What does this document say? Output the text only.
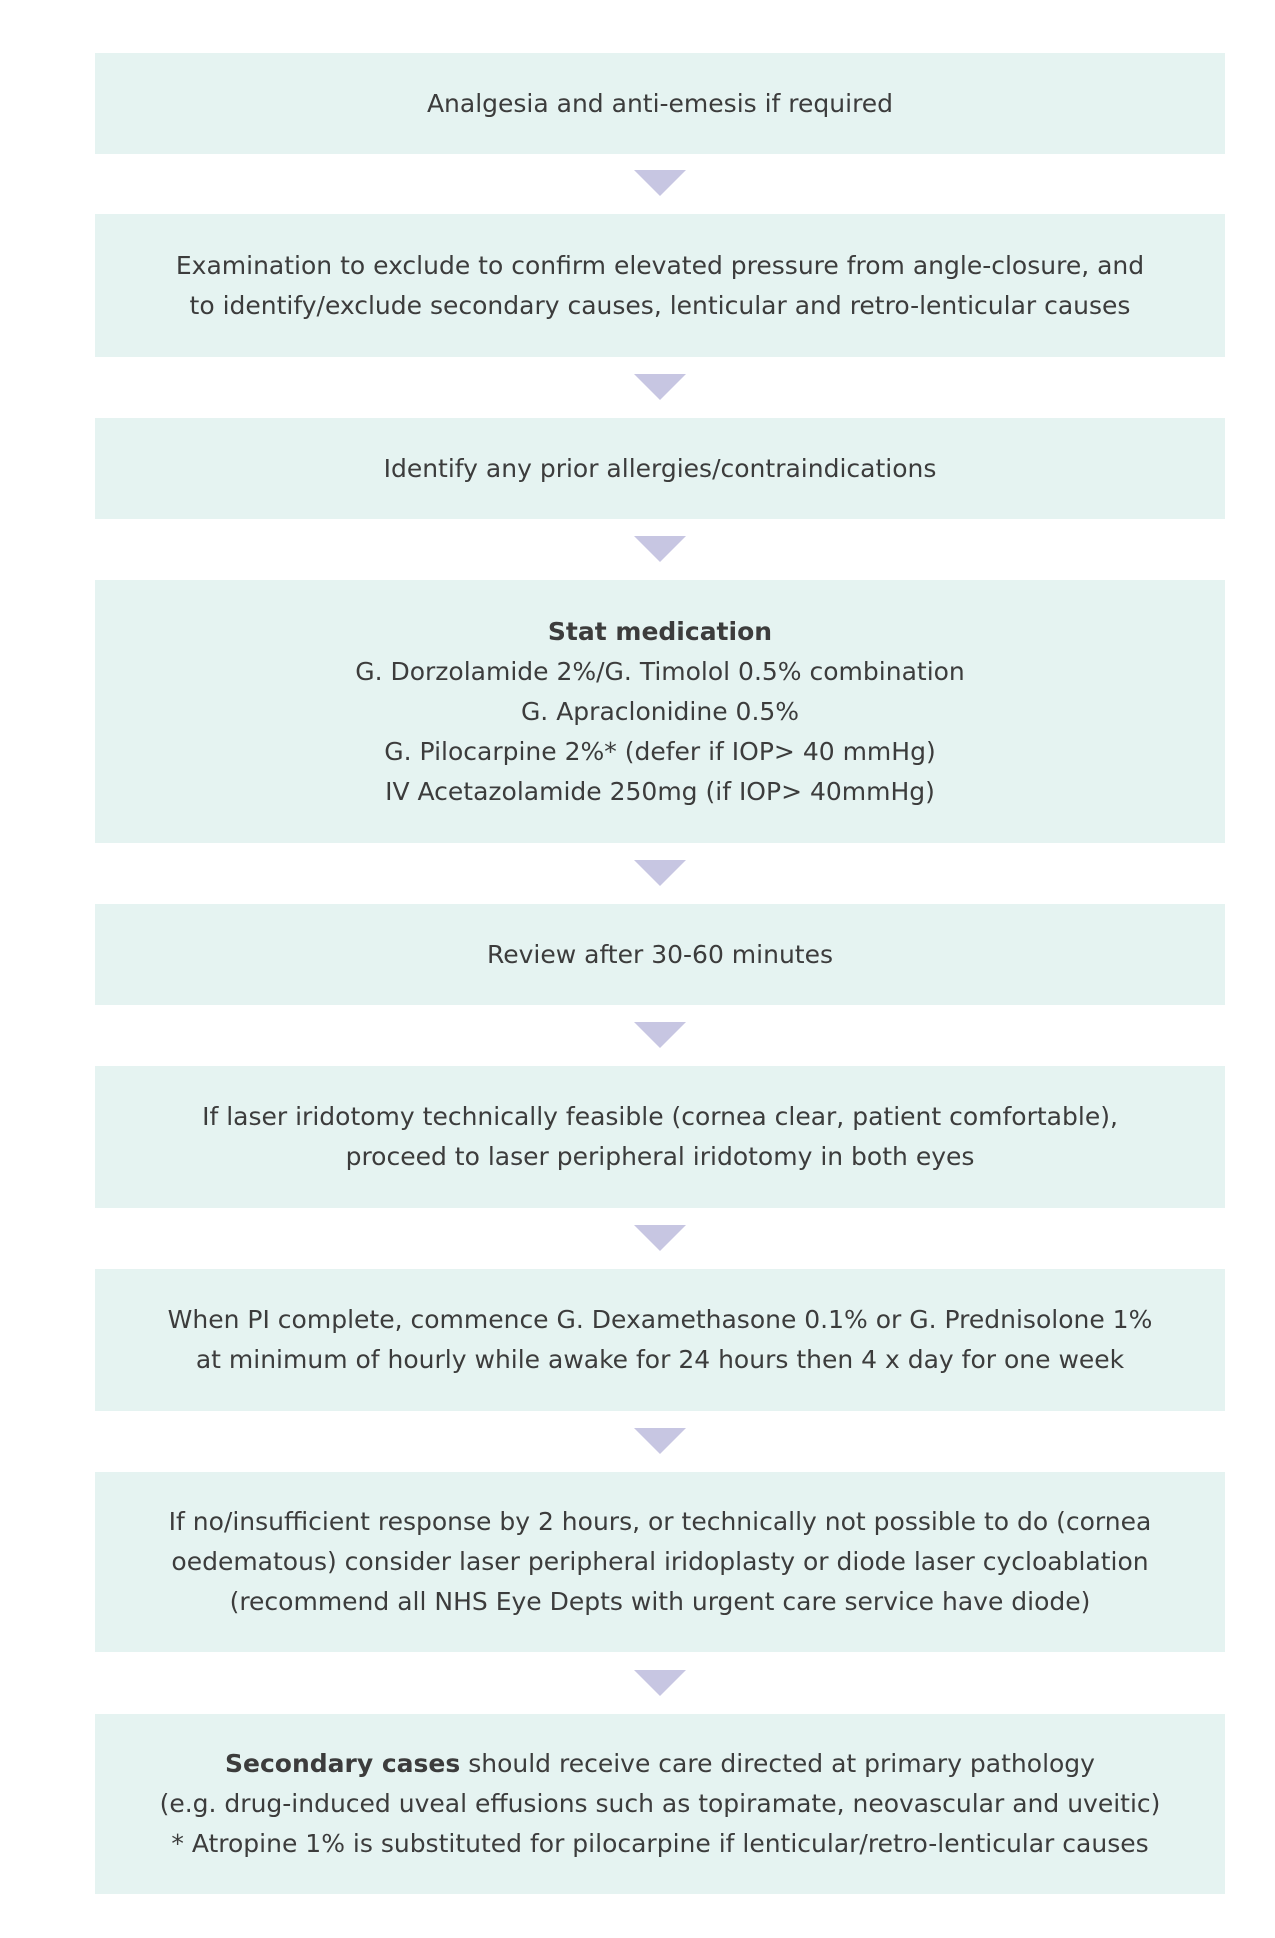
Analgesia and anti-emesis if required
Examination to exclude to confirm elevated pressure from angle-closure, and
to identify/exclude secondary causes, lenticular and retro-lenticular causes
Identify any prior allergies/contraindications
Stat medication
G. Dorzolamide 2%/G. Timolol 0.5% combination
G. Apraclonidine 0.5%
G. Pilocarpine 2%* (defer if IOP> 40 mmHg)
IV Acetazolamide 250mg (if IOP> 40mmHg)
Review after 30-60 minutes
If laser iridotomy technically feasible (cornea clear, patient comfortable),
proceed to laser peripheral iridotomy in both eyes
When PI complete, commence G. Dexamethasone 0.1% or G. Prednisolone 1%
at minimum of hourly while awake for 24 hours then 4 x day for one week
If no/insufficient response by 2 hours, or technically not possible to do (cornea
oedematous) consider laser peripheral iridoplasty or diode laser cycloablation
(recommend all NHS Eye Depts with urgent care service have diode)
Secondary cases should receive care directed at primary pathology
(e.g. drug-induced uveal effusions such as topiramate, neovascular and uveitic)
* Atropine 1% is substituted for pilocarpine if lenticular/retro-lenticular causes
